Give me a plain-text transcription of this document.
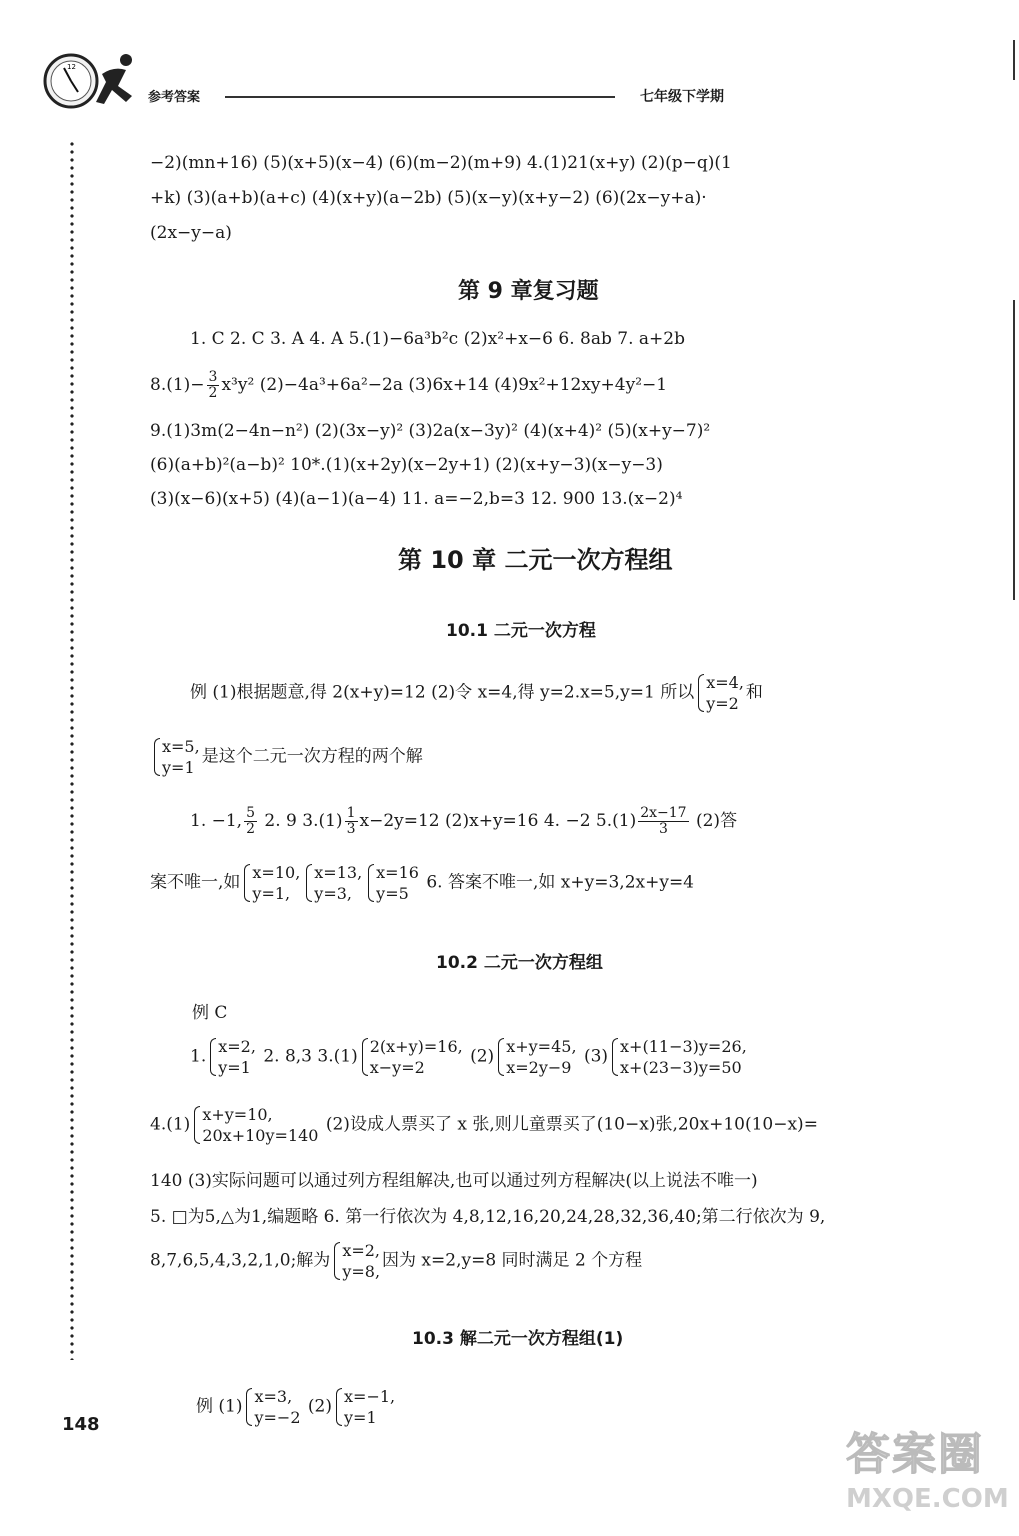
12
参考答案	七年级下学期
−2)(mn+16) (5)(x+5)(x−4) (6)(m−2)(m+9) 4.(1)21(x+y) (2)(p−q)(1
+k) (3)(a+b)(a+c) (4)(x+y)(a−2b) (5)(x−y)(x+y−2) (6)(2x−y+a)·
(2x−y−a)
第 9 章复习题
1. C 2. C 3. A 4. A 5.(1)−6a³b²c (2)x²+x−6 6. 8ab 7. a+2b
$8.(1)- \frac{3}{2} x^3y^2$ (2)−4a³+6a²−2a (3)6x+14 (4)9x²+12xy+4y²−1
9.(1)3m(2−4n−n²) (2)(3x−y)² (3)2a(x−3y)² (4)(x+4)² (5)(x+y−7)²
(6)(a+b)²(a−b)² 10*.(1)(x+2y)(x−2y+1) (2)(x+y−3)(x−y−3)
(3)(x−6)(x+5) (4)(a−1)(a−4) 11. a=−2,b=3 12. 900 13.(x−2)⁴
第 10 章 二元一次方程组
10.1 二元一次方程
例 (1)根据题意,得 2(x+y)=12 (2)令 x=4,得 y=2.x=5,y=1 所以 x=4,
y=2
和
x=5,
y=1
是这个二元一次方程的两个解
1. −1, $\frac{5}{2} 2$. 9 $3.(1) \frac{1}{3} x-2y=12$ (2)x+y=16 4. −2 $5.(1) \frac{2x-17}{3} (2)$答
案不唯一,如 x=10,
y=1,
x=13,
y=3,
x=16
y=5
6. 答案不唯一,如 x+y=3,2x+y=4
10.2 二元一次方程组
例 C
1. x=2,
y=1
2. 8,3 3.(1) 2(x+y)=16,
x−y=2
(2) x+y=45,
x=2y−9
(3) x+(11−3)y=26,
x+(23−3)y=50
4.(1) x+y=10,
20x+10y=140
(2)设成人票买了 x 张,则儿童票买了(10−x)张,20x+10(10−x)=
140 (3)实际问题可以通过列方程组解决,也可以通过列方程解决(以上说法不唯一)
5. □为5,△为1,编题略 6. 第一行依次为 4,8,12,16,20,24,28,32,36,40;第二行依次为 9,
8,7,6,5,4,3,2,1,0;解为 x=2,
y=8,
因为 x=2,y=8 同时满足 2 个方程
10.3 解二元一次方程组(1)
例 (1) x=3,
y=−2
(2) x=−1,
y=1
148
答案圈
MXQE.COM
